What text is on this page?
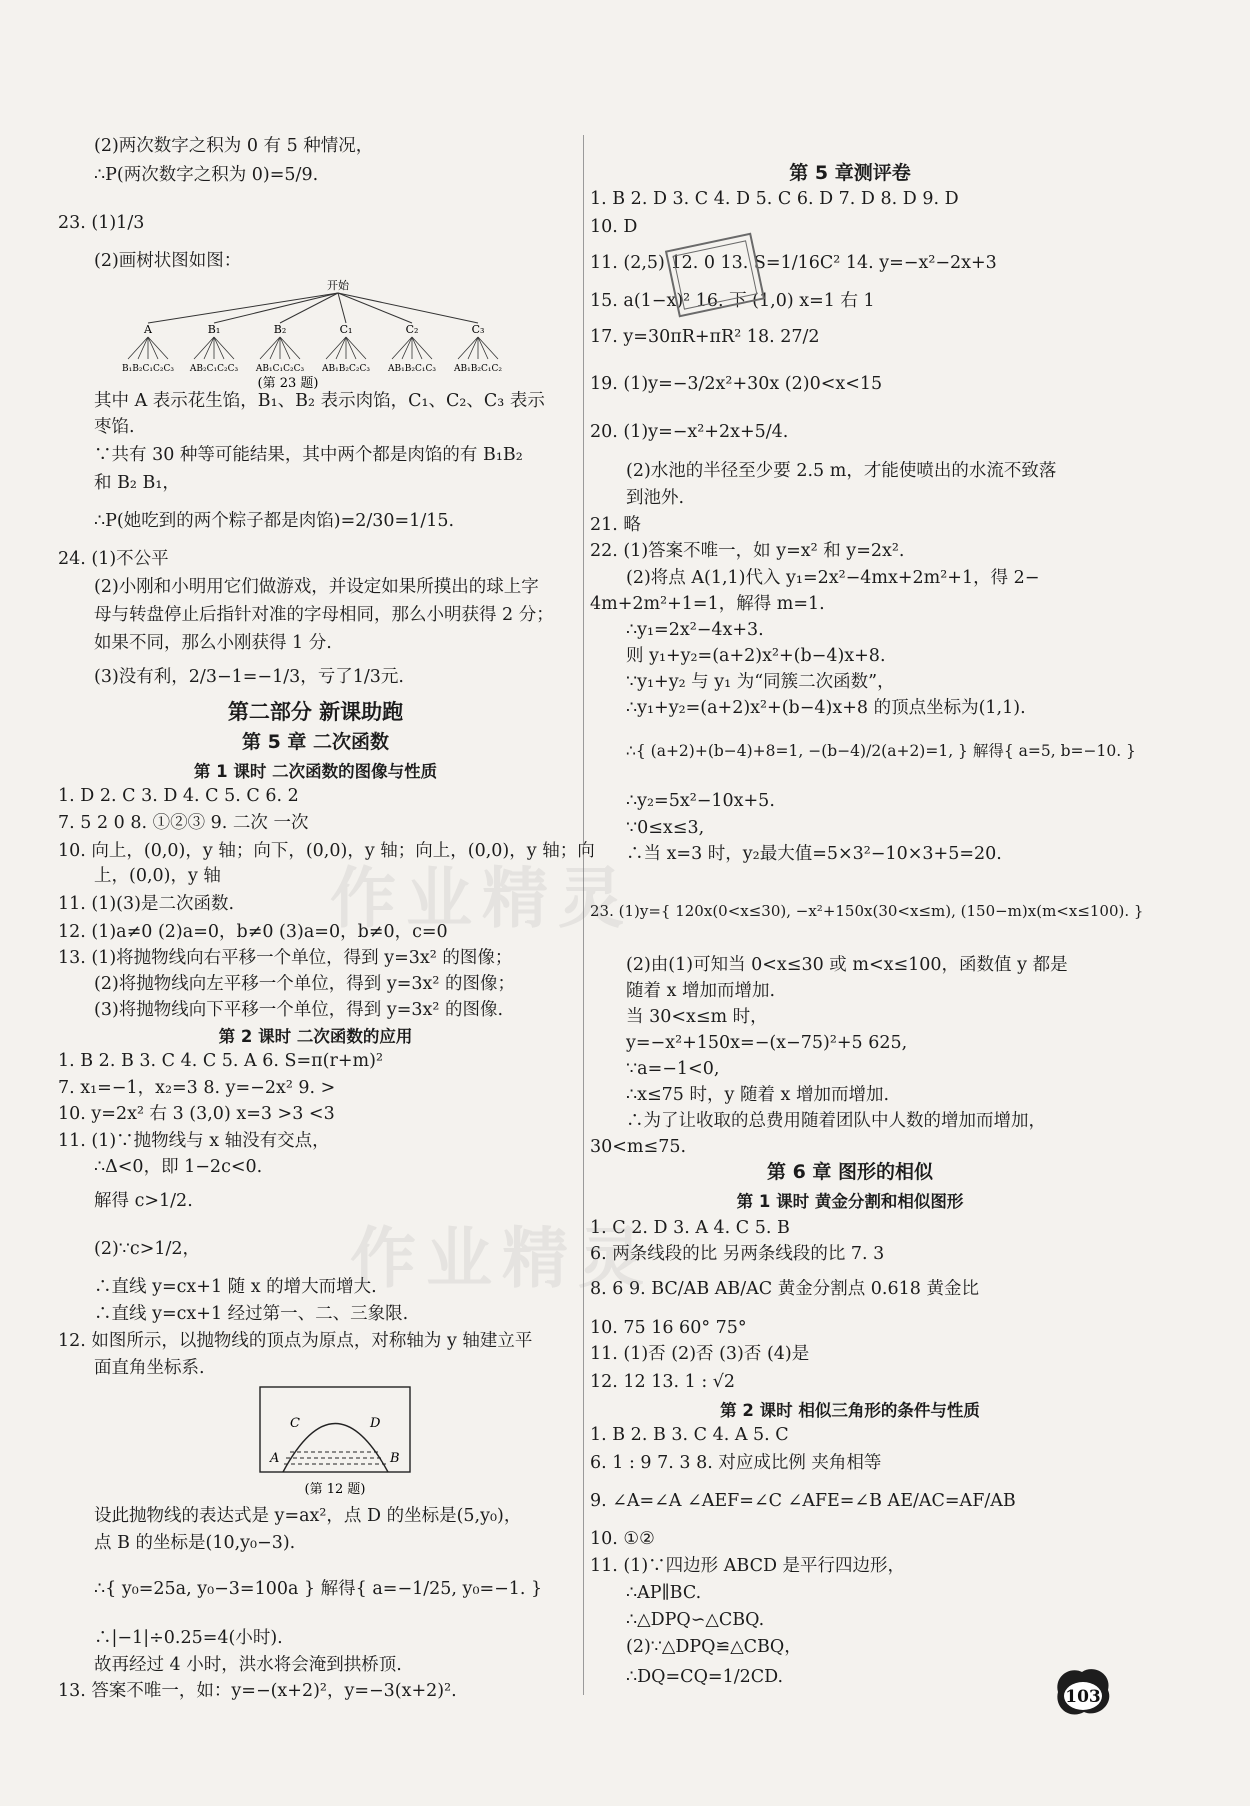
(2)两次数字之积为 0 有 5 种情况，
∴P(两次数字之积为 0)=5/9.
23. (1)1/3
(2)画树状图如图：
开始
A	B₁	B₂	C₁	C₂	C₃
B₁B₂C₁C₂C₃ AB₂C₁C₂C₃ AB₁C₁C₂C₃ AB₁B₂C₂C₃ AB₁B₂C₁C₃ AB₁B₂C₁C₂
(第 23 题)
其中 A 表示花生馅，B₁、B₂ 表示肉馅，C₁、C₂、C₃ 表示
枣馅.
∵共有 30 种等可能结果，其中两个都是肉馅的有 B₁B₂
和 B₂ B₁，
∴P(她吃到的两个粽子都是肉馅)=2/30=1/15.
24. (1)不公平
(2)小刚和小明用它们做游戏，并设定如果所摸出的球上字
母与转盘停止后指针对准的字母相同，那么小明获得 2 分；
如果不同，那么小刚获得 1 分.
(3)没有利，2/3−1=−1/3，亏了1/3元.
第二部分 新课助跑
第 5 章 二次函数
第 1 课时 二次函数的图像与性质
1. D 2. C 3. D 4. C 5. C 6. 2
7. 5 2 0 8. ①②③ 9. 二次 一次
10. 向上，(0,0)，y 轴；向下，(0,0)，y 轴；向上，(0,0)，y 轴；向
上，(0,0)，y 轴
11. (1)(3)是二次函数.
12. (1)a≠0 (2)a=0，b≠0 (3)a=0，b≠0，c=0
13. (1)将抛物线向右平移一个单位，得到 y=3x² 的图像；
(2)将抛物线向左平移一个单位，得到 y=3x² 的图像；
(3)将抛物线向下平移一个单位，得到 y=3x² 的图像.
第 2 课时 二次函数的应用
1. B 2. B 3. C 4. C 5. A 6. S=π(r+m)²
7. x₁=−1，x₂=3 8. y=−2x² 9. >
10. y=2x² 右 3 (3,0) x=3 >3 <3
11. (1)∵抛物线与 x 轴没有交点，
∴Δ<0，即 1−2c<0.
解得 c>1/2.
(2)∵c>1/2，
∴直线 y=cx+1 随 x 的增大而增大.
∴直线 y=cx+1 经过第一、二、三象限.
12. 如图所示，以抛物线的顶点为原点，对称轴为 y 轴建立平
面直角坐标系.
C	D
A	B
(第 12 题)
设此抛物线的表达式是 y=ax²，点 D 的坐标是(5,y₀)，
点 B 的坐标是(10,y₀−3).
∴{ y₀=25a, y₀−3=100a } 解得{ a=−1/25, y₀=−1. }
∴|−1|÷0.25=4(小时).
故再经过 4 小时，洪水将会淹到拱桥顶.
13. 答案不唯一，如：y=−(x+2)²，y=−3(x+2)².
第 5 章测评卷
1. B 2. D 3. C 4. D 5. C 6. D 7. D 8. D 9. D
10. D
11. (2,5) 12. 0 13. S=1/16C² 14. y=−x²−2x+3
15. a(1−x)² 16. 下 (1,0) x=1 右 1
17. y=30πR+πR² 18. 27/2
19. (1)y=−3/2x²+30x (2)0<x<15
20. (1)y=−x²+2x+5/4.
(2)水池的半径至少要 2.5 m，才能使喷出的水流不致落
到池外.
21. 略
22. (1)答案不唯一，如 y=x² 和 y=2x².
(2)将点 A(1,1)代入 y₁=2x²−4mx+2m²+1，得 2−
4m+2m²+1=1，解得 m=1.
∴y₁=2x²−4x+3.
则 y₁+y₂=(a+2)x²+(b−4)x+8.
∵y₁+y₂ 与 y₁ 为“同簇二次函数”，
∴y₁+y₂=(a+2)x²+(b−4)x+8 的顶点坐标为(1,1).
∴{ (a+2)+(b−4)+8=1, −(b−4)/2(a+2)=1, } 解得{ a=5, b=−10. }
∴y₂=5x²−10x+5.
∵0≤x≤3,
∴当 x=3 时，y₂最大值=5×3²−10×3+5=20.
23. (1)y={ 120x(0<x≤30), −x²+150x(30<x≤m), (150−m)x(m<x≤100). }
(2)由(1)可知当 0<x≤30 或 m<x≤100，函数值 y 都是
随着 x 增加而增加.
当 30<x≤m 时，
y=−x²+150x=−(x−75)²+5 625,
∵a=−1<0,
∴x≤75 时，y 随着 x 增加而增加.
∴为了让收取的总费用随着团队中人数的增加而增加，
30<m≤75.
第 6 章 图形的相似
第 1 课时 黄金分割和相似图形
1. C 2. D 3. A 4. C 5. B
6. 两条线段的比 另两条线段的比 7. 3
8. 6 9. BC/AB AB/AC 黄金分割点 0.618 黄金比
10. 75 16 60° 75°
11. (1)否 (2)否 (3)否 (4)是
12. 12 13. 1 : √2
第 2 课时 相似三角形的条件与性质
1. B 2. B 3. C 4. A 5. C
6. 1 : 9 7. 3 8. 对应成比例 夹角相等
9. ∠A=∠A ∠AEF=∠C ∠AFE=∠B AE/AC=AF/AB
10. ①②
11. (1)∵四边形 ABCD 是平行四边形，
∴AP∥BC.
∴△DPQ∽△CBQ.
(2)∵△DPQ≌△CBQ，
∴DQ=CQ=1/2CD.
作业精灵
作业精灵
103
